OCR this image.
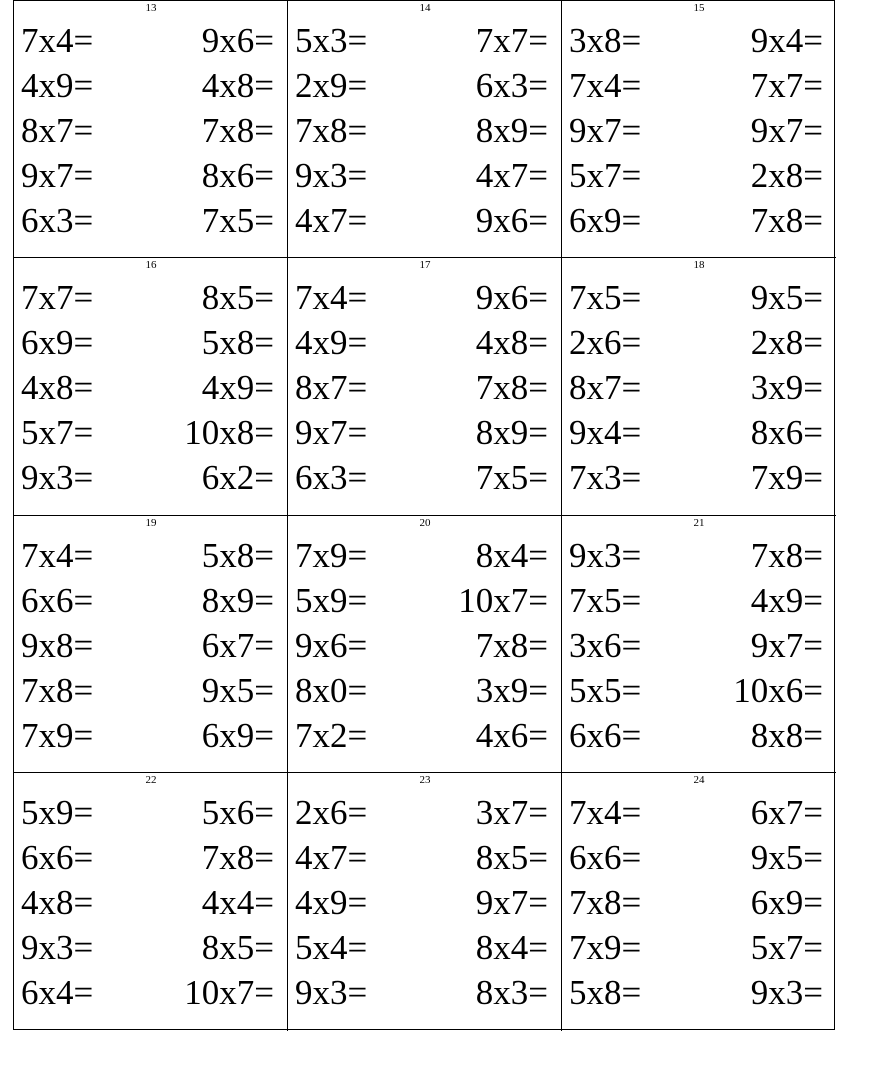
13
7x4=	9x6=
4x9=	4x8=
8x7=	7x8=
9x7=	8x6=
6x3=	7x5=
14
5x3=	7x7=
2x9=	6x3=
7x8=	8x9=
9x3=	4x7=
4x7=	9x6=
15
3x8=	9x4=
7x4=	7x7=
9x7=	9x7=
5x7=	2x8=
6x9=	7x8=
16
7x7=	8x5=
6x9=	5x8=
4x8=	4x9=
5x7=	10x8=
9x3=	6x2=
17
7x4=	9x6=
4x9=	4x8=
8x7=	7x8=
9x7=	8x9=
6x3=	7x5=
18
7x5=	9x5=
2x6=	2x8=
8x7=	3x9=
9x4=	8x6=
7x3=	7x9=
19
7x4=	5x8=
6x6=	8x9=
9x8=	6x7=
7x8=	9x5=
7x9=	6x9=
20
7x9=	8x4=
5x9=	10x7=
9x6=	7x8=
8x0=	3x9=
7x2=	4x6=
21
9x3=	7x8=
7x5=	4x9=
3x6=	9x7=
5x5=	10x6=
6x6=	8x8=
22
5x9=	5x6=
6x6=	7x8=
4x8=	4x4=
9x3=	8x5=
6x4=	10x7=
23
2x6=	3x7=
4x7=	8x5=
4x9=	9x7=
5x4=	8x4=
9x3=	8x3=
24
7x4=	6x7=
6x6=	9x5=
7x8=	6x9=
7x9=	5x7=
5x8=	9x3=
